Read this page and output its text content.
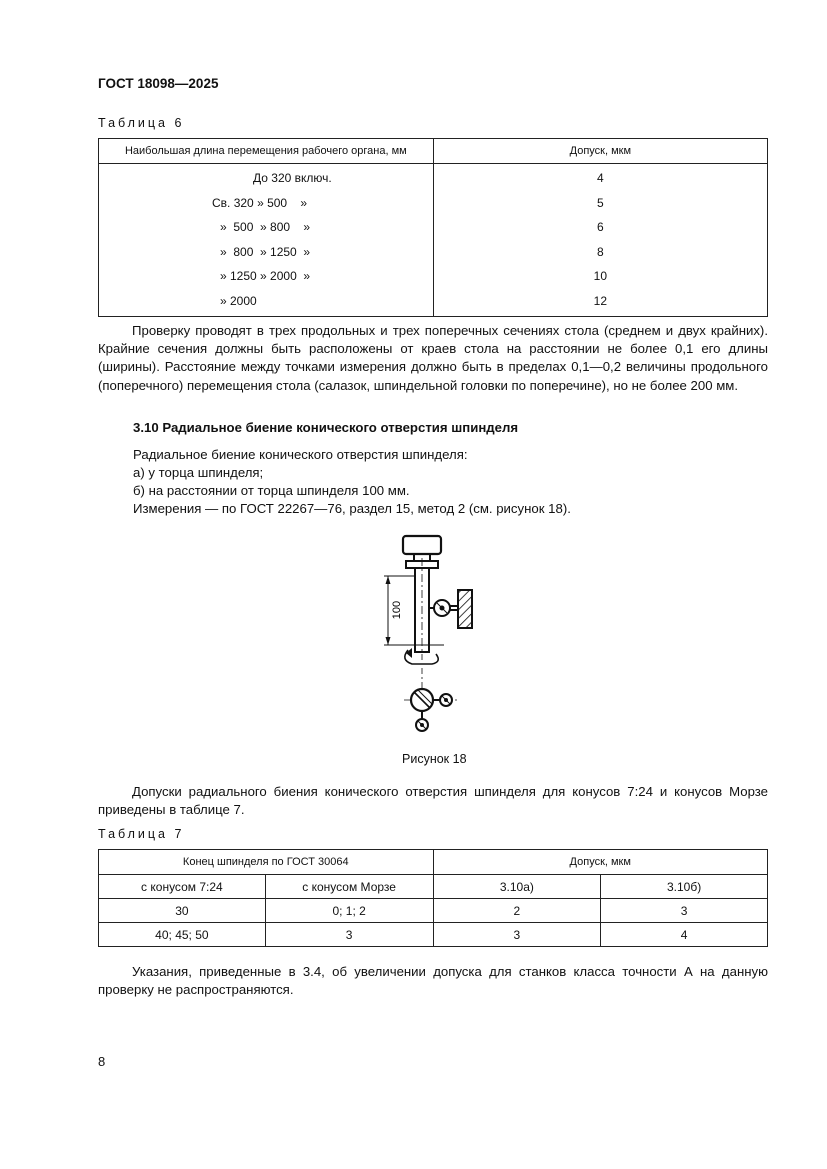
ГОСТ 18098—2025
Таблица 6
Наибольшая длина перемещения рабочего органа, мм	Допуск, мкм
До 320 включ.	4
Св. 320 » 500    »	5
»  500  » 800    »	6
»  800  » 1250  »	8
» 1250 » 2000  »	10
» 2000	12
Проверку проводят в трех продольных и трех поперечных сечениях стола (среднем и двух крайних). Крайние сечения должны быть расположены от краев стола на расстоянии не более 0,1 его длины (ширины). Расстояние между точками измерения должно быть в пределах 0,1—0,2 величины продольного (поперечного) перемещения стола (салазок, шпиндельной головки по поперечине), но не более 200 мм.
3.10 Радиальное биение конического отверстия шпинделя
Радиальное биение конического отверстия шпинделя:
а) у торца шпинделя;
б) на расстоянии от торца шпинделя 100 мм.
Измерения — по ГОСТ 22267—76, раздел 15, метод 2 (см. рисунок 18).
100
Рисунок 18
Допуски радиального биения конического отверстия шпинделя для конусов 7:24 и конусов Морзе приведены в таблице 7.
Таблица 7
Конец шпинделя по ГОСТ 30064		Допуск, мкм	
с конусом 7:24	с конусом Морзе	3.10а)	3.10б)
30	0; 1; 2	2	3
40; 45; 50	3	3	4
Указания, приведенные в 3.4, об увеличении допуска для станков класса точности А на данную проверку не распространяются.
8
